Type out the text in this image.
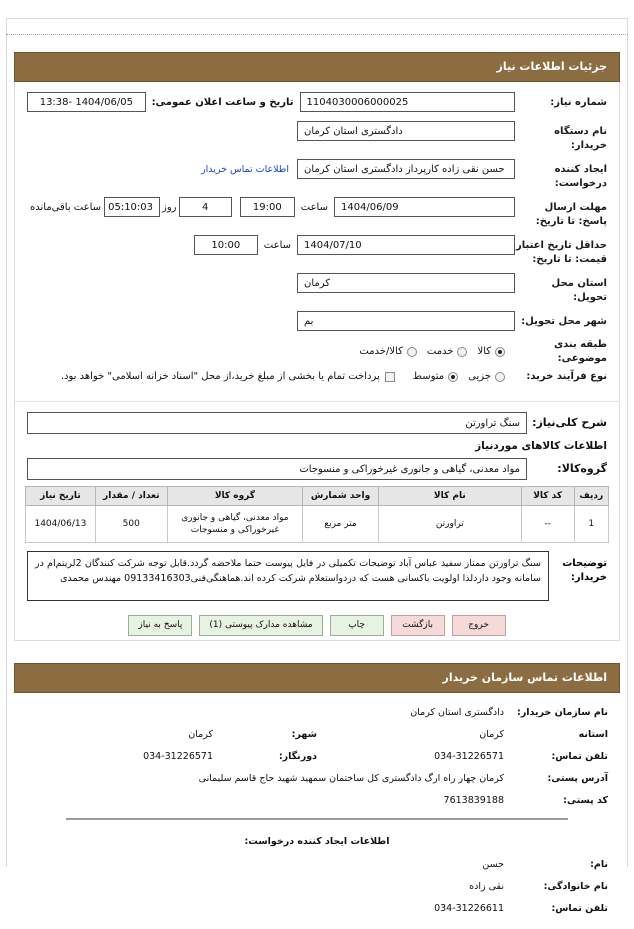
جزئیات اطلاعات نیاز
شماره نیاز:
1104030006000025
تاریخ و ساعت اعلان عمومی:
1404/06/05 -13:38
نام دستگاه خریدار:
دادگستری استان کرمان
ایجاد کننده درخواست:
حسن نقی زاده کارپرداز دادگستری استان کرمان
اطلاعات تماس خریدار
مهلت ارسال پاسخ: تا تاریخ:
1404/06/09
ساعت
19:00
4
روز
05:10:03
ساعت باقی‌مانده
حداقل تاریخ اعتبار قیمت: تا تاریخ:
1404/07/10
ساعت
10:00
استان محل تحویل:
کرمان
شهر محل تحویل:
بم
طبقه بندی موضوعی:
کالا
خدمت
کالا/خدمت
نوع فرآیند خرید:
جزیی
متوسط
پرداخت تمام یا بخشی از مبلغ خرید،از محل "اسناد خزانه اسلامی" خواهد بود.
شرح کلی‌نیاز:
سنگ تراورتن
اطلاعات کالاهای موردنیاز
گروه‌کالا:
مواد معدنی، گیاهی و جانوری غیرخوراکی و منسوجات
ردیف	کد کالا	نام کالا	واحد شمارش	گروه کالا	تعداد / مقدار	تاریخ نیاز
1	--	تراورتن	متر مربع	مواد معدنی، گیاهی و جانوری غیرخوراکی و منسوجات	500	1404/06/13
توضیحات خریدار:
سنگ تراورتن ممتاز سفید عباس آباد توضیحات تکمیلی در فایل پیوست حتما ملاحضه گردد.قابل توجه شرکت کنندگان 2لریتم‌ام در سامانه وجود داردلذا اولویت باکسانی هست که دردواستعلام شرکت کرده اند.هماهنگی‌فنی09133416303 مهندس محمدی
خروج
بازگشت
چاپ
مشاهده مدارک پیوستی (1)
پاسخ به نیاز
اطلاعات تماس سازمان خریدار
نام سازمان خریدار:
دادگستری استان کرمان
استانه
کرمان
شهر:
کرمان
تلفن تماس:
034-31226571
دورنگار:
034-31226571
آدرس پستی:
کرمان چهار راه ارگ دادگستری کل ساختمان سمهید شهید حاج قاسم سلیمانی
کد پستی:
7613839188
اطلاعات ایجاد کننده درخواست:
نام:
حسن
نام خانوادگی:
نقی زاده
تلفن تماس:
034-31226611
